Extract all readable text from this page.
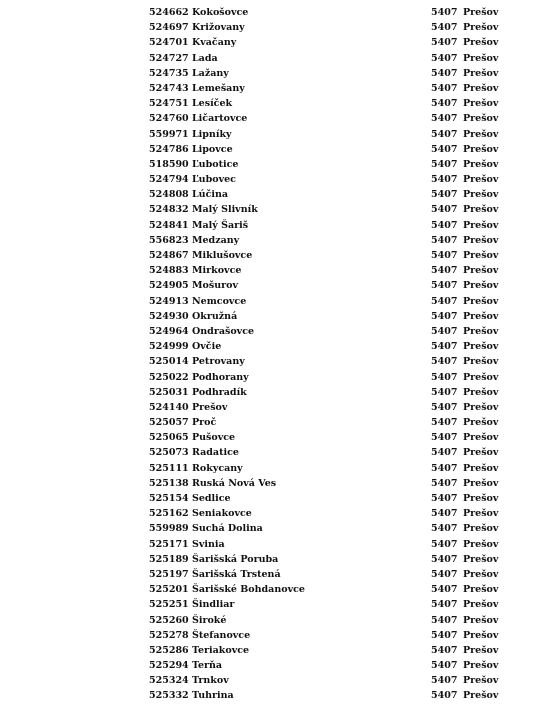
524662 Kokošovce	5407 Prešov
524697 Križovany	5407 Prešov
524701 Kvačany	5407 Prešov
524727 Lada	5407 Prešov
524735 Lažany	5407 Prešov
524743 Lemešany	5407 Prešov
524751 Lesíček	5407 Prešov
524760 Ličartovce	5407 Prešov
559971 Lipníky	5407 Prešov
524786 Lipovce	5407 Prešov
518590 Ľubotice	5407 Prešov
524794 Ľubovec	5407 Prešov
524808 Lúčina	5407 Prešov
524832 Malý Slivník	5407 Prešov
524841 Malý Šariš	5407 Prešov
556823 Medzany	5407 Prešov
524867 Miklušovce	5407 Prešov
524883 Mirkovce	5407 Prešov
524905 Mošurov	5407 Prešov
524913 Nemcovce	5407 Prešov
524930 Okružná	5407 Prešov
524964 Ondrašovce	5407 Prešov
524999 Ovčie	5407 Prešov
525014 Petrovany	5407 Prešov
525022 Podhorany	5407 Prešov
525031 Podhradík	5407 Prešov
524140 Prešov	5407 Prešov
525057 Proč	5407 Prešov
525065 Pušovce	5407 Prešov
525073 Radatice	5407 Prešov
525111 Rokycany	5407 Prešov
525138 Ruská Nová Ves	5407 Prešov
525154 Sedlice	5407 Prešov
525162 Seniakovce	5407 Prešov
559989 Suchá Dolina	5407 Prešov
525171 Svinia	5407 Prešov
525189 Šarišská Poruba	5407 Prešov
525197 Šarišská Trstená	5407 Prešov
525201 Šarišské Bohdanovce	5407 Prešov
525251 Šindliar	5407 Prešov
525260 Široké	5407 Prešov
525278 Štefanovce	5407 Prešov
525286 Teriakovce	5407 Prešov
525294 Terňa	5407 Prešov
525324 Trnkov	5407 Prešov
525332 Tuhrina	5407 Prešov
